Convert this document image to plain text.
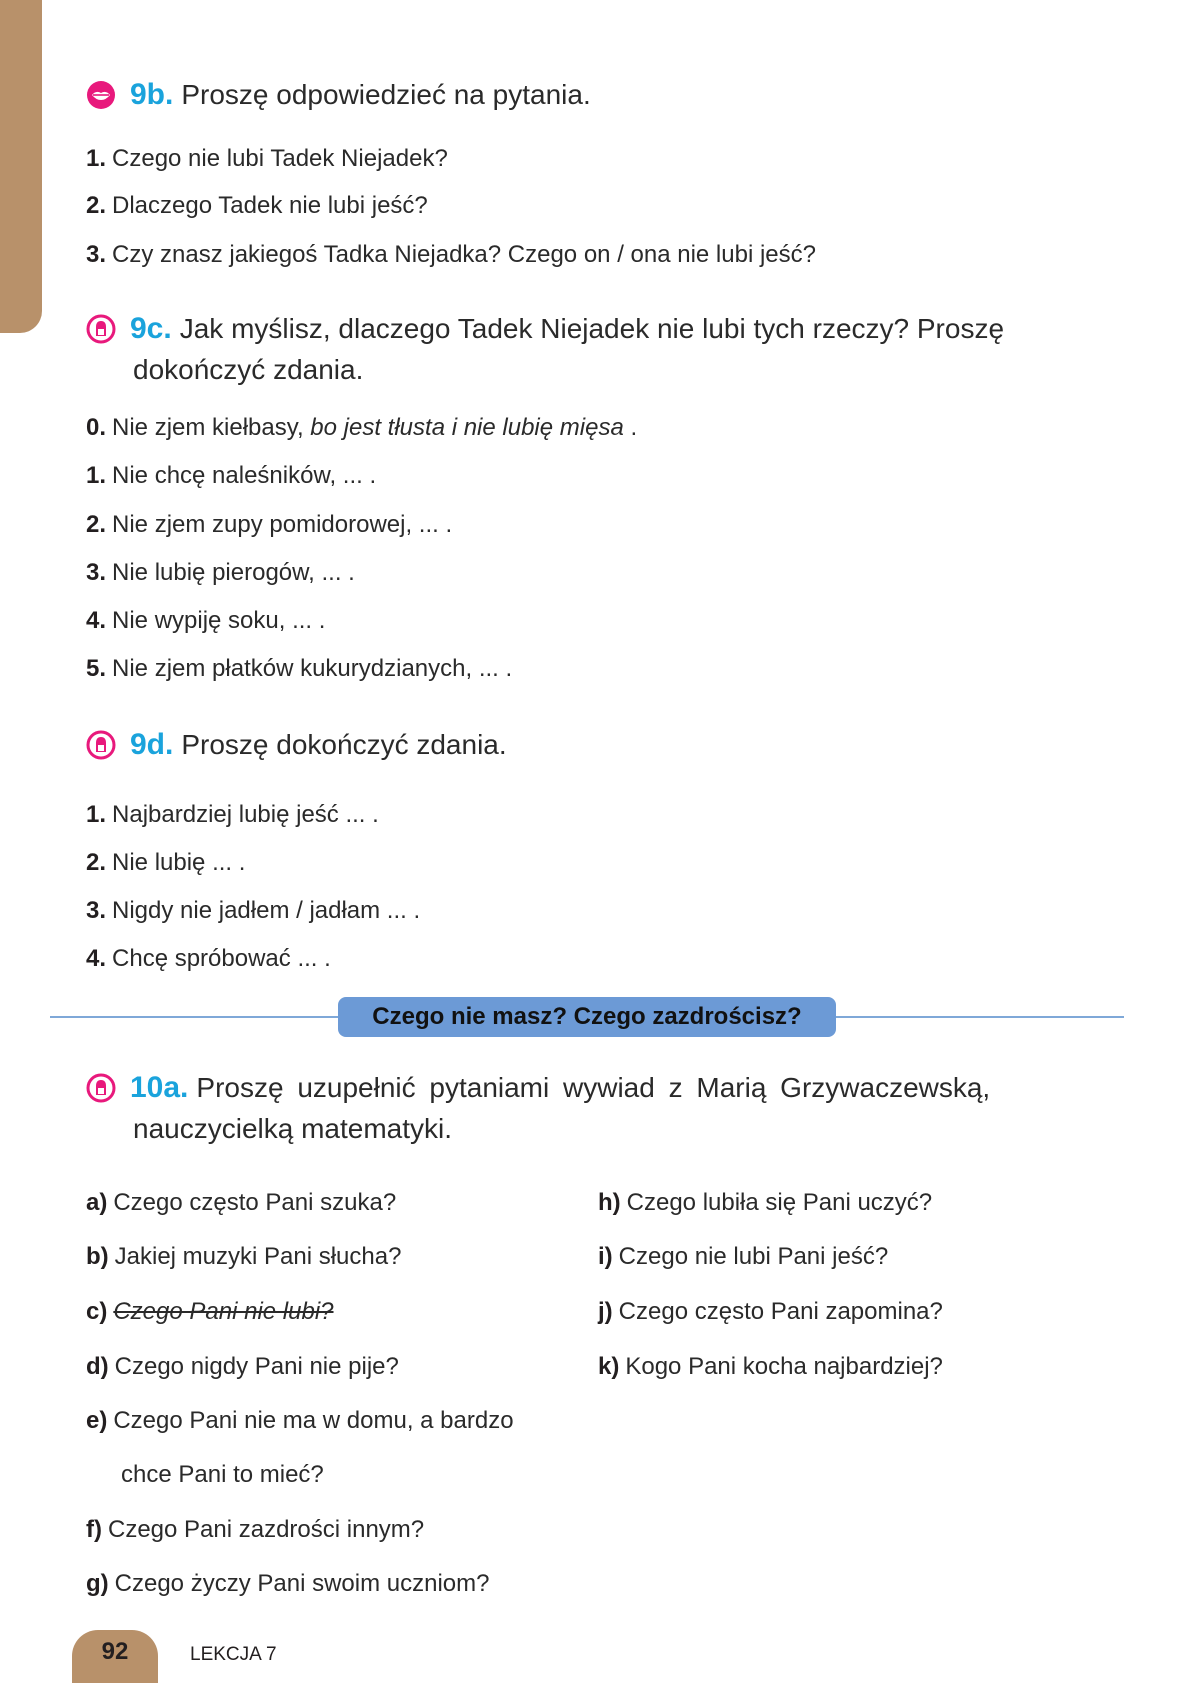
9b. Proszę odpowiedzieć na pytania.
1. Czego nie lubi Tadek Niejadek?
2. Dlaczego Tadek nie lubi jeść?
3. Czy znasz jakiegoś Tadka Niejadka? Czego on / ona nie lubi jeść?
9c. Jak myślisz, dlaczego Tadek Niejadek nie lubi tych rzeczy? Proszę
dokończyć zdania.
0. Nie zjem kiełbasy, bo jest tłusta i nie lubię mięsa .
1. Nie chcę naleśników, ... .
2. Nie zjem zupy pomidorowej, ... .
3. Nie lubię pierogów, ... .
4. Nie wypiję soku, ... .
5. Nie zjem płatków kukurydzianych, ... .
9d. Proszę dokończyć zdania.
1. Najbardziej lubię jeść ... .
2. Nie lubię ... .
3. Nigdy nie jadłem / jadłam ... .
4. Chcę spróbować ... .
Czego nie masz? Czego zazdrościsz?
10a. Proszę uzupełnić pytaniami wywiad z Marią Grzywaczewską,
nauczycielką matematyki.
a) Czego często Pani szuka?
b) Jakiej muzyki Pani słucha?
c) Czego Pani nie lubi?
d) Czego nigdy Pani nie pije?
e) Czego Pani nie ma w domu, a bardzo
chce Pani to mieć?
f) Czego Pani zazdrości innym?
g) Czego życzy Pani swoim uczniom?
h) Czego lubiła się Pani uczyć?
i) Czego nie lubi Pani jeść?
j) Czego często Pani zapomina?
k) Kogo Pani kocha najbardziej?
92	LEKCJA 7
